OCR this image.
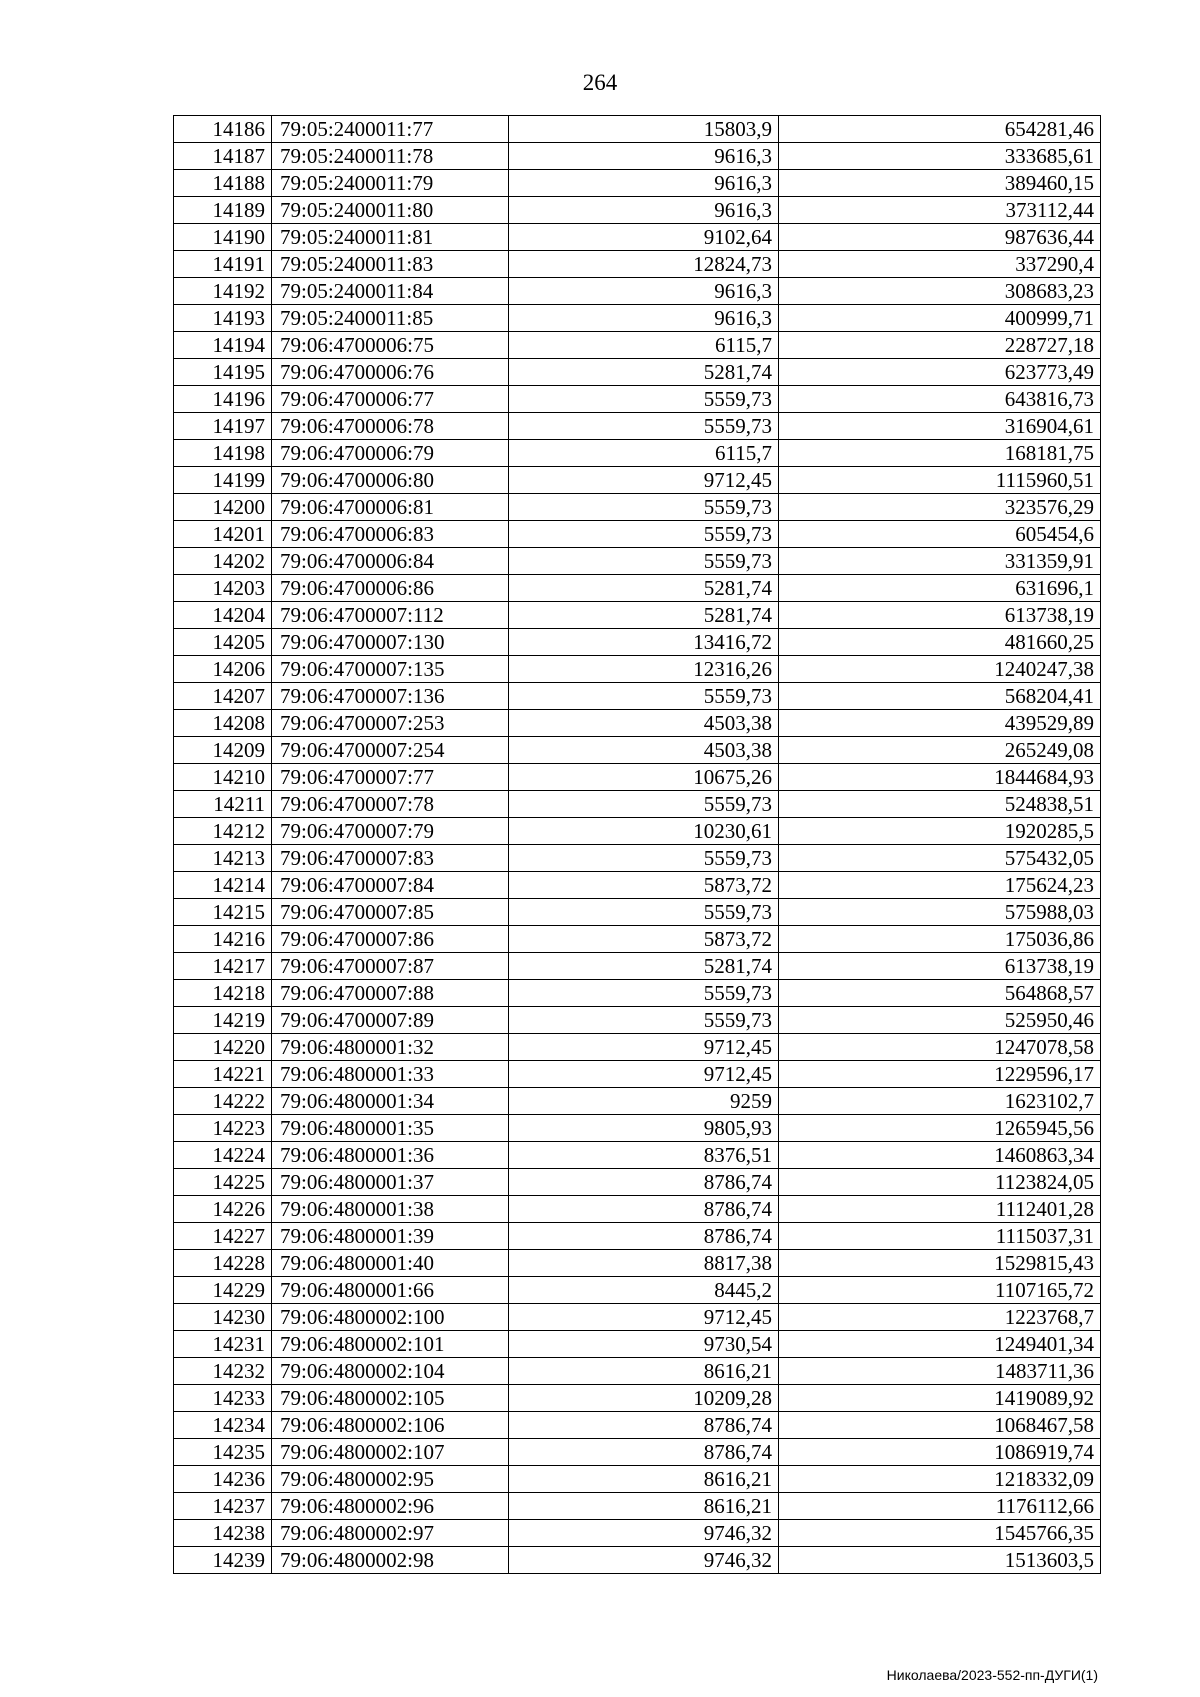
264
14186	79:05:2400011:77	15803,9	654281,46
14187	79:05:2400011:78	9616,3	333685,61
14188	79:05:2400011:79	9616,3	389460,15
14189	79:05:2400011:80	9616,3	373112,44
14190	79:05:2400011:81	9102,64	987636,44
14191	79:05:2400011:83	12824,73	337290,4
14192	79:05:2400011:84	9616,3	308683,23
14193	79:05:2400011:85	9616,3	400999,71
14194	79:06:4700006:75	6115,7	228727,18
14195	79:06:4700006:76	5281,74	623773,49
14196	79:06:4700006:77	5559,73	643816,73
14197	79:06:4700006:78	5559,73	316904,61
14198	79:06:4700006:79	6115,7	168181,75
14199	79:06:4700006:80	9712,45	1115960,51
14200	79:06:4700006:81	5559,73	323576,29
14201	79:06:4700006:83	5559,73	605454,6
14202	79:06:4700006:84	5559,73	331359,91
14203	79:06:4700006:86	5281,74	631696,1
14204	79:06:4700007:112	5281,74	613738,19
14205	79:06:4700007:130	13416,72	481660,25
14206	79:06:4700007:135	12316,26	1240247,38
14207	79:06:4700007:136	5559,73	568204,41
14208	79:06:4700007:253	4503,38	439529,89
14209	79:06:4700007:254	4503,38	265249,08
14210	79:06:4700007:77	10675,26	1844684,93
14211	79:06:4700007:78	5559,73	524838,51
14212	79:06:4700007:79	10230,61	1920285,5
14213	79:06:4700007:83	5559,73	575432,05
14214	79:06:4700007:84	5873,72	175624,23
14215	79:06:4700007:85	5559,73	575988,03
14216	79:06:4700007:86	5873,72	175036,86
14217	79:06:4700007:87	5281,74	613738,19
14218	79:06:4700007:88	5559,73	564868,57
14219	79:06:4700007:89	5559,73	525950,46
14220	79:06:4800001:32	9712,45	1247078,58
14221	79:06:4800001:33	9712,45	1229596,17
14222	79:06:4800001:34	9259	1623102,7
14223	79:06:4800001:35	9805,93	1265945,56
14224	79:06:4800001:36	8376,51	1460863,34
14225	79:06:4800001:37	8786,74	1123824,05
14226	79:06:4800001:38	8786,74	1112401,28
14227	79:06:4800001:39	8786,74	1115037,31
14228	79:06:4800001:40	8817,38	1529815,43
14229	79:06:4800001:66	8445,2	1107165,72
14230	79:06:4800002:100	9712,45	1223768,7
14231	79:06:4800002:101	9730,54	1249401,34
14232	79:06:4800002:104	8616,21	1483711,36
14233	79:06:4800002:105	10209,28	1419089,92
14234	79:06:4800002:106	8786,74	1068467,58
14235	79:06:4800002:107	8786,74	1086919,74
14236	79:06:4800002:95	8616,21	1218332,09
14237	79:06:4800002:96	8616,21	1176112,66
14238	79:06:4800002:97	9746,32	1545766,35
14239	79:06:4800002:98	9746,32	1513603,5
Николаева/2023-552-пп-ДУГИ(1)
